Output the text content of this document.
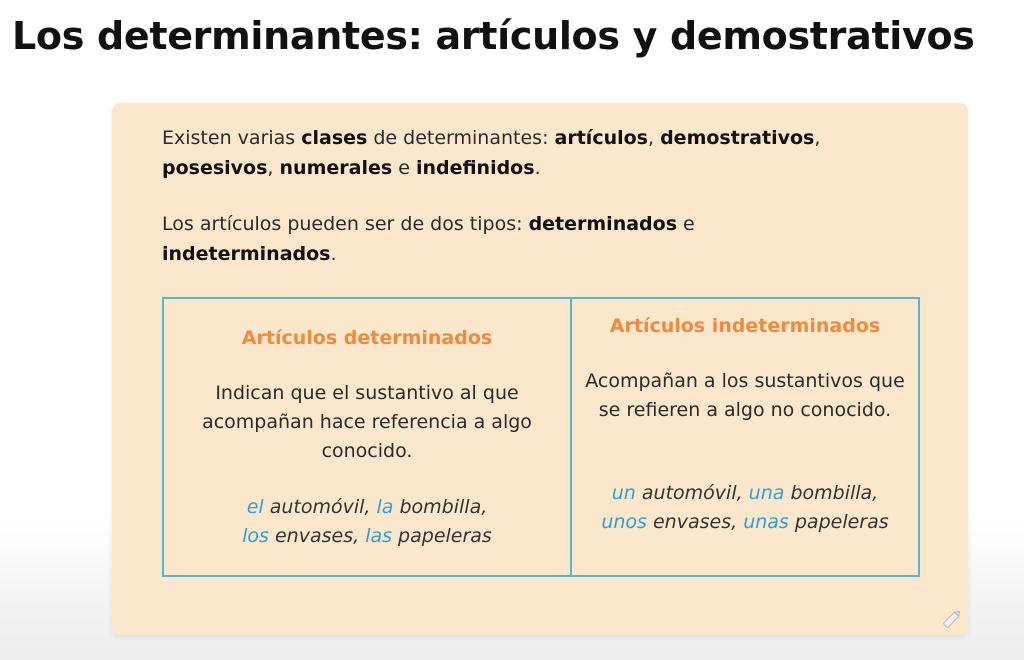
Los determinantes: artículos y demostrativos

Existen varias clases de determinantes: artículos, demostrativos,
posesivos, numerales e indefinidos.

Los artículos pueden ser de dos tipos: determinados e
indeterminados.

Artículos determinados

Indican que el sustantivo al que acompañan hace referencia a algo conocido.

el automóvil, la bombilla,
los envases, las papeleras

Artículos indeterminados

Acompañan a los sustantivos que se refieren a algo no conocido.

un automóvil, una bombilla,
unos envases, unas papeleras
